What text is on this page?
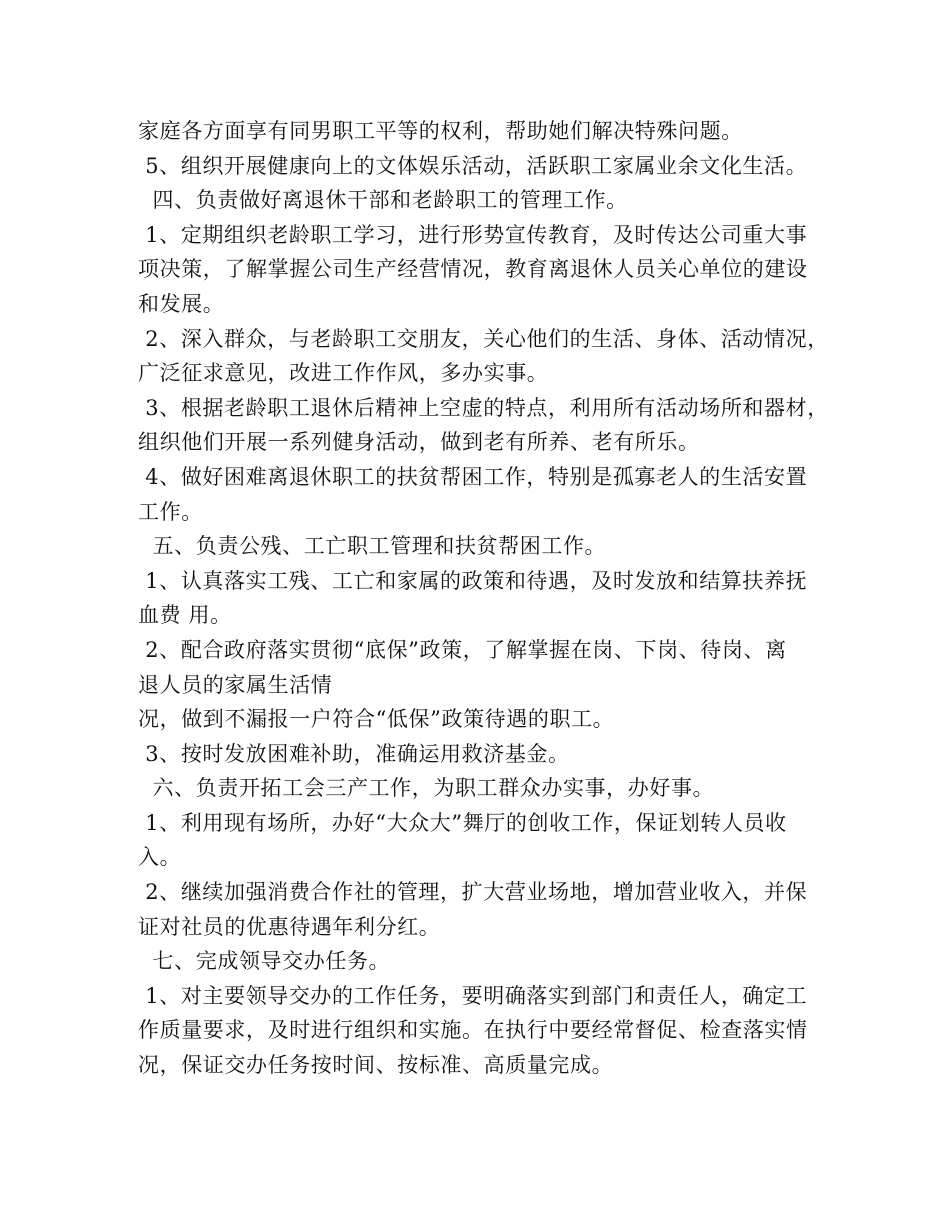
家庭各方面享有同男职工平等的权利，帮助她们解决特殊问题。
5、组织开展健康向上的文体娱乐活动，活跃职工家属业余文化生活。
四、负责做好离退休干部和老龄职工的管理工作。
1、定期组织老龄职工学习，进行形势宣传教育，及时传达公司重大事
项决策，了解掌握公司生产经营情况，教育离退休人员关心单位的建设
和发展。
2、深入群众，与老龄职工交朋友，关心他们的生活、身体、活动情况，
广泛征求意见，改进工作作风，多办实事。
3、根据老龄职工退休后精神上空虚的特点，利用所有活动场所和器材，
组织他们开展一系列健身活动，做到老有所养、老有所乐。
4、做好困难离退休职工的扶贫帮困工作，特别是孤寡老人的生活安置
工作。
五、负责公残、工亡职工管理和扶贫帮困工作。
1、认真落实工残、工亡和家属的政策和待遇，及时发放和结算扶养抚
血费 用。
2、配合政府落实贯彻“底保”政策，了解掌握在岗、下岗、待岗、离
退人员的家属生活情
况，做到不漏报一户符合“低保”政策待遇的职工。
3、按时发放困难补助，准确运用救济基金。
六、负责开拓工会三产工作，为职工群众办实事，办好事。
1、利用现有场所，办好“大众大”舞厅的创收工作，保证划转人员收
入。
2、继续加强消费合作社的管理，扩大营业场地，增加营业收入，并保
证对社员的优惠待遇年利分红。
七、完成领导交办任务。
1、对主要领导交办的工作任务，要明确落实到部门和责任人，确定工
作质量要求，及时进行组织和实施。在执行中要经常督促、检查落实情
况，保证交办任务按时间、按标准、高质量完成。
